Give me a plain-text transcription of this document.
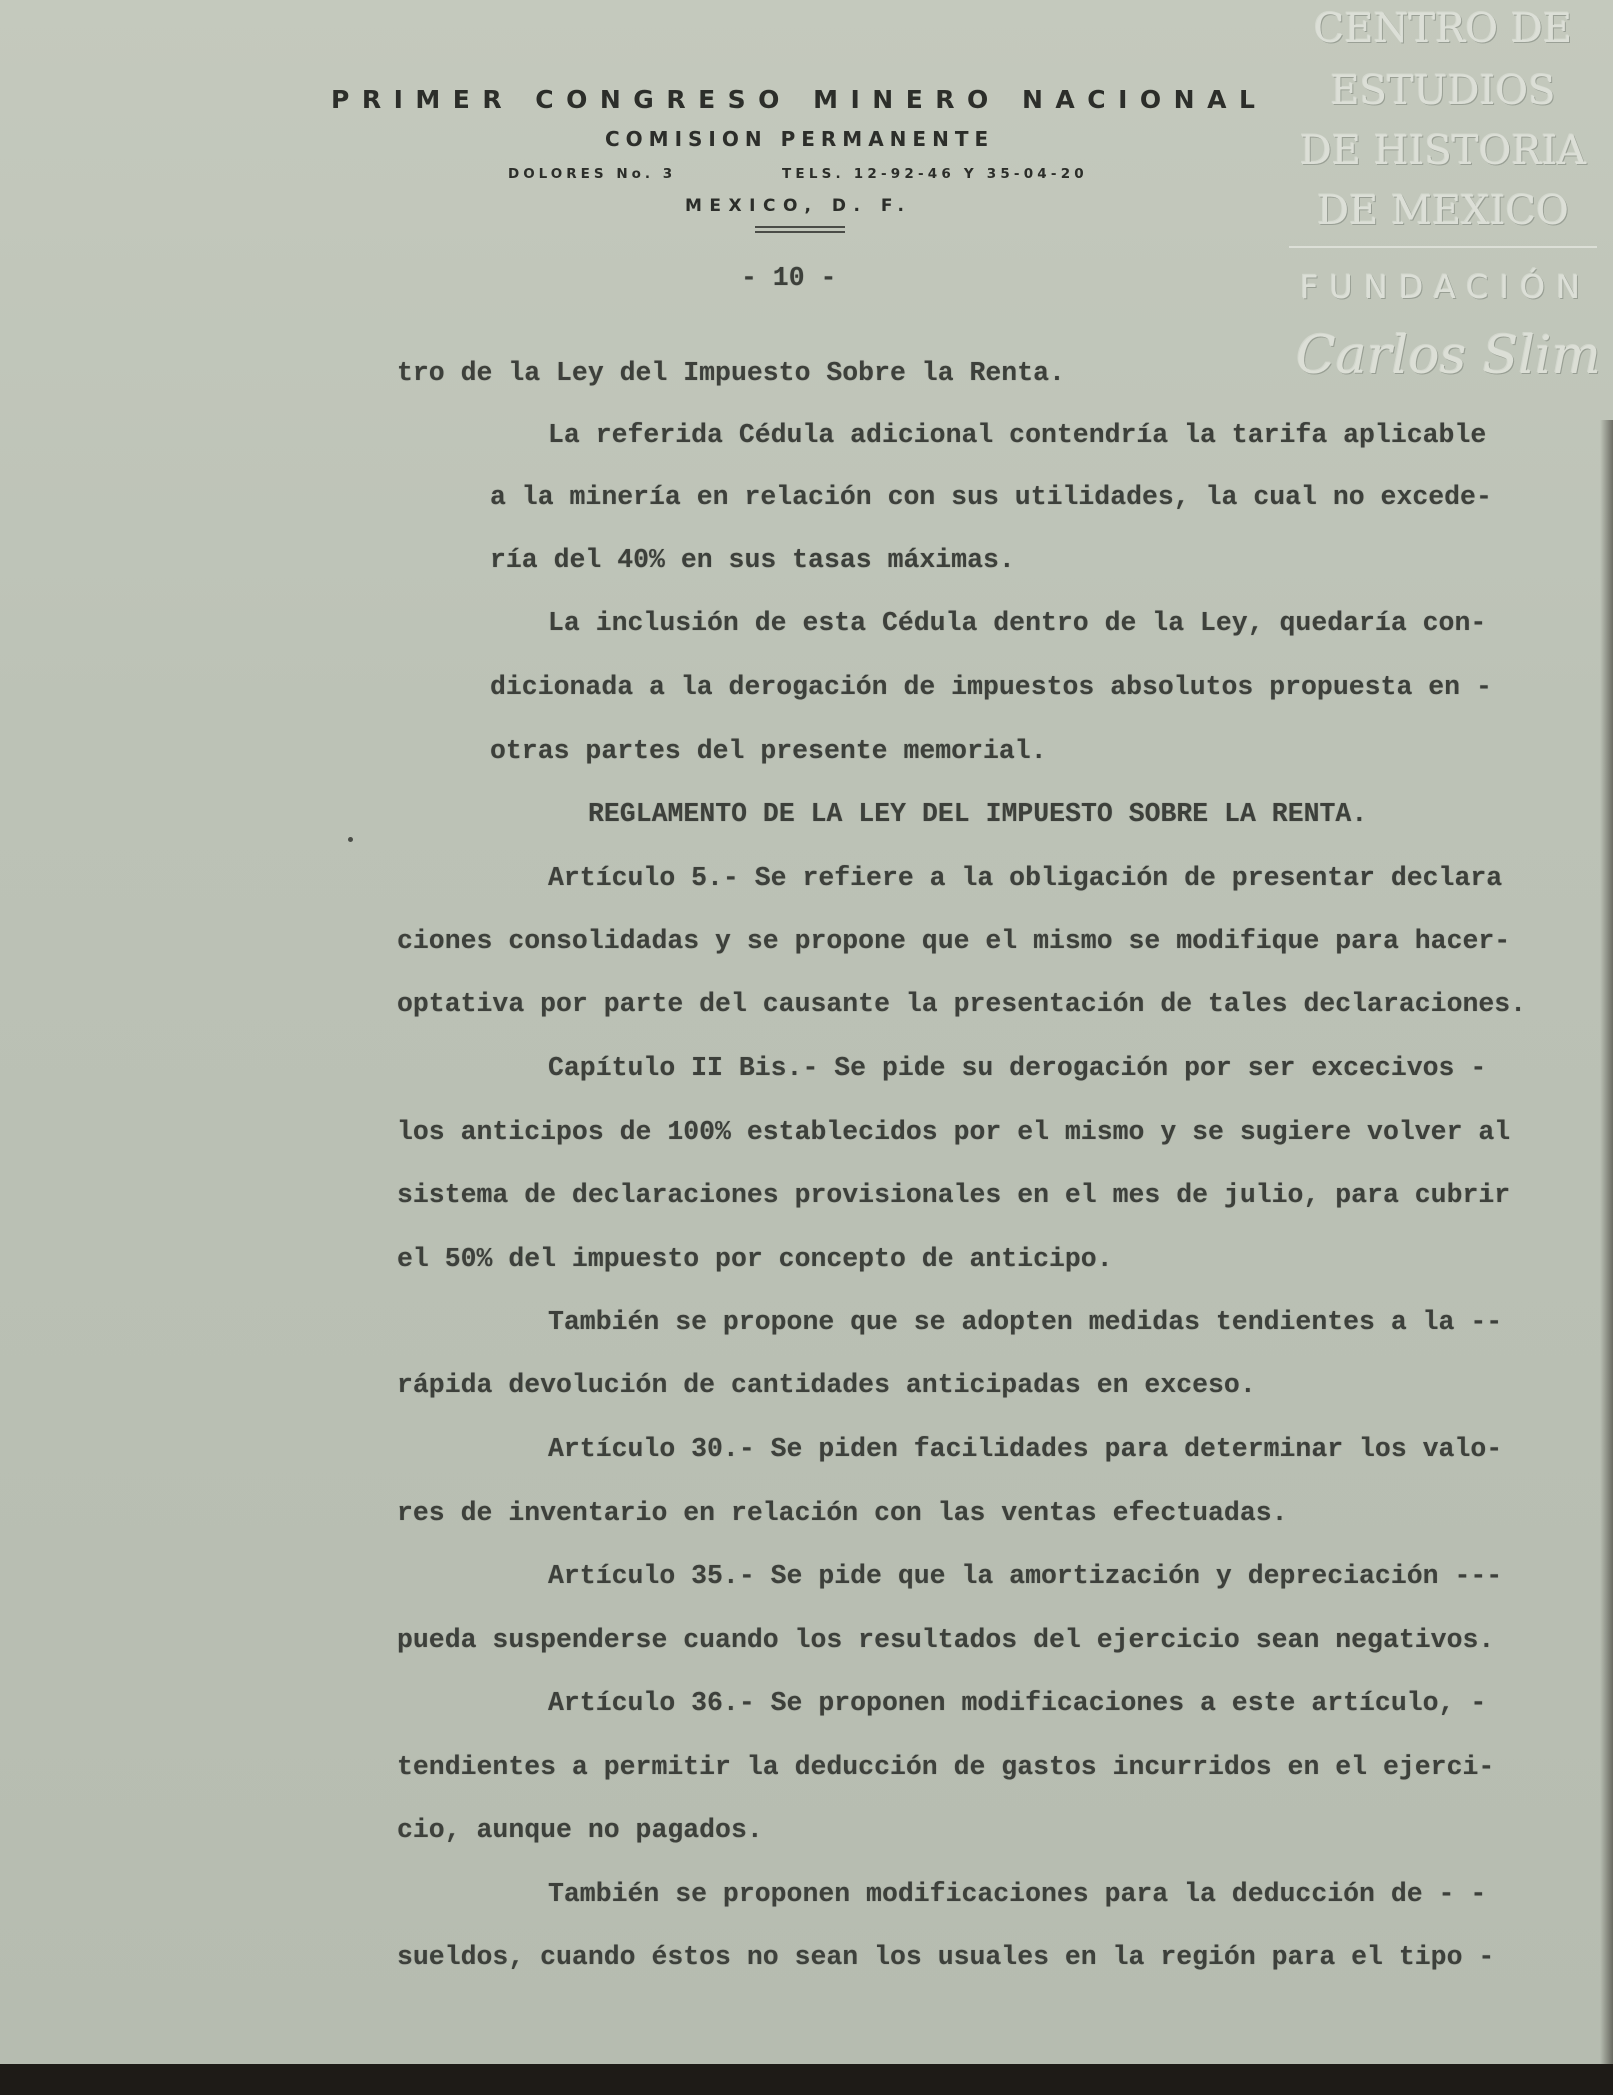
PRIMER CONGRESO MINERO NACIONAL
COMISION PERMANENTE
DOLORES No. 3	TELS. 12-92-46 Y 35-04-20
MEXICO, D. F.
CENTRO DE
ESTUDIOS
DE HISTORIA
DE MEXICO
FUNDACIÓN
Carlos Slim
- 10 -
tro de la Ley del Impuesto Sobre la Renta.
La referida Cédula adicional contendría la tarifa aplicable
a la minería en relación con sus utilidades, la cual no excede-
ría del 40% en sus tasas máximas.
La inclusión de esta Cédula dentro de la Ley, quedaría con-
dicionada a la derogación de impuestos absolutos propuesta en -
otras partes del presente memorial.
REGLAMENTO DE LA LEY DEL IMPUESTO SOBRE LA RENTA.
Artículo 5.- Se refiere a la obligación de presentar declara
ciones consolidadas y se propone que el mismo se modifique para hacer-
optativa por parte del causante la presentación de tales declaraciones.
Capítulo II Bis.- Se pide su derogación por ser excecivos -
los anticipos de 100% establecidos por el mismo y se sugiere volver al
sistema de declaraciones provisionales en el mes de julio, para cubrir
el 50% del impuesto por concepto de anticipo.
También se propone que se adopten medidas tendientes a la --
rápida devolución de cantidades anticipadas en exceso.
Artículo 30.- Se piden facilidades para determinar los valo-
res de inventario en relación con las ventas efectuadas.
Artículo 35.- Se pide que la amortización y depreciación ---
pueda suspenderse cuando los resultados del ejercicio sean negativos.
Artículo 36.- Se proponen modificaciones a este artículo, -
tendientes a permitir la deducción de gastos incurridos en el ejerci-
cio, aunque no pagados.
También se proponen modificaciones para la deducción de - -
sueldos, cuando éstos no sean los usuales en la región para el tipo -
